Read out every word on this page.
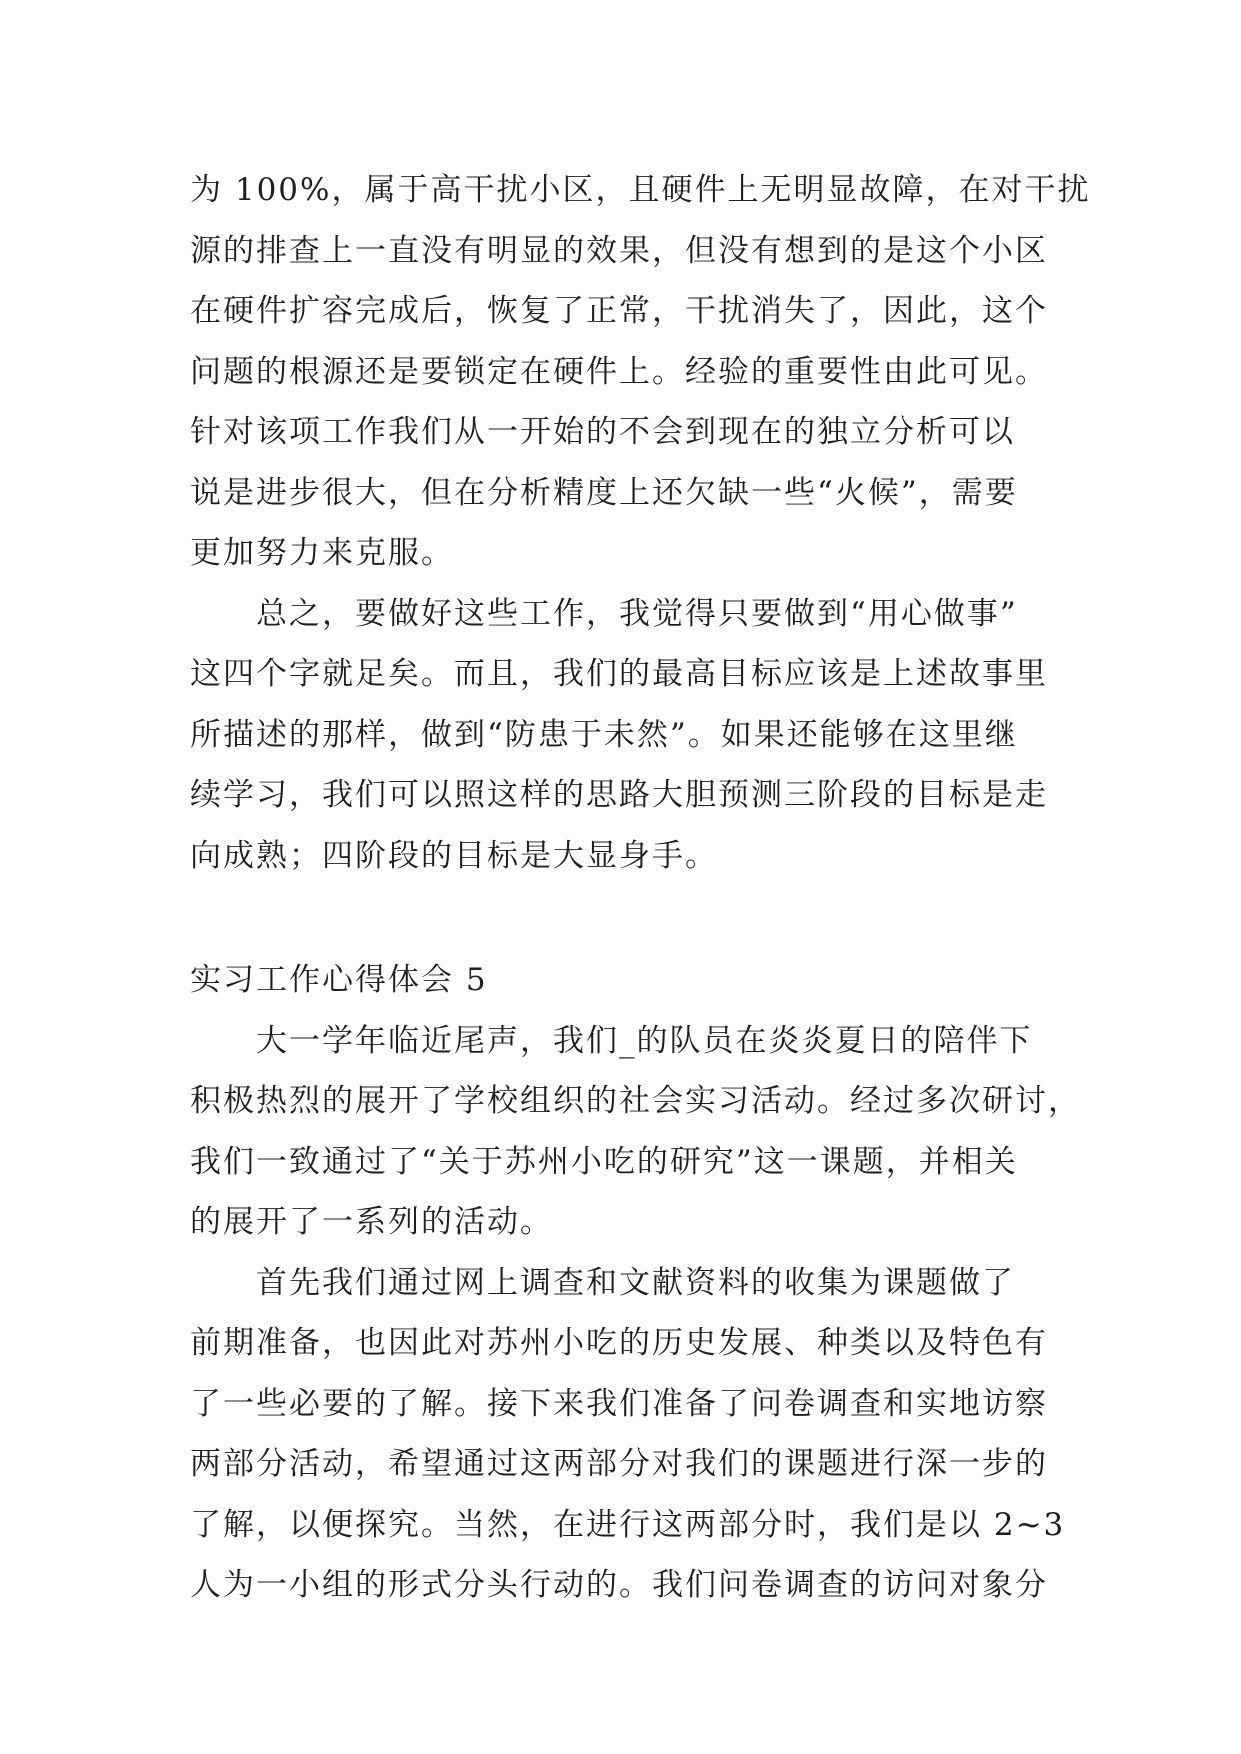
为 100%，属于高干扰小区，且硬件上无明显故障，在对干扰
源的排查上一直没有明显的效果，但没有想到的是这个小区
在硬件扩容完成后，恢复了正常，干扰消失了，因此，这个
问题的根源还是要锁定在硬件上。经验的重要性由此可见。
针对该项工作我们从一开始的不会到现在的独立分析可以
说是进步很大，但在分析精度上还欠缺一些“火候”，需要
更加努力来克服。
总之，要做好这些工作，我觉得只要做到“用心做事”
这四个字就足矣。而且，我们的最高目标应该是上述故事里
所描述的那样，做到“防患于未然”。如果还能够在这里继
续学习，我们可以照这样的思路大胆预测三阶段的目标是走
向成熟；四阶段的目标是大显身手。
实习工作心得体会 5
大一学年临近尾声，我们_的队员在炎炎夏日的陪伴下
积极热烈的展开了学校组织的社会实习活动。经过多次研讨，
我们一致通过了“关于苏州小吃的研究”这一课题，并相关
的展开了一系列的活动。
首先我们通过网上调查和文献资料的收集为课题做了
前期准备，也因此对苏州小吃的历史发展、种类以及特色有
了一些必要的了解。接下来我们准备了问卷调查和实地访察
两部分活动，希望通过这两部分对我们的课题进行深一步的
了解，以便探究。当然，在进行这两部分时，我们是以 2~3
人为一小组的形式分头行动的。我们问卷调查的访问对象分
